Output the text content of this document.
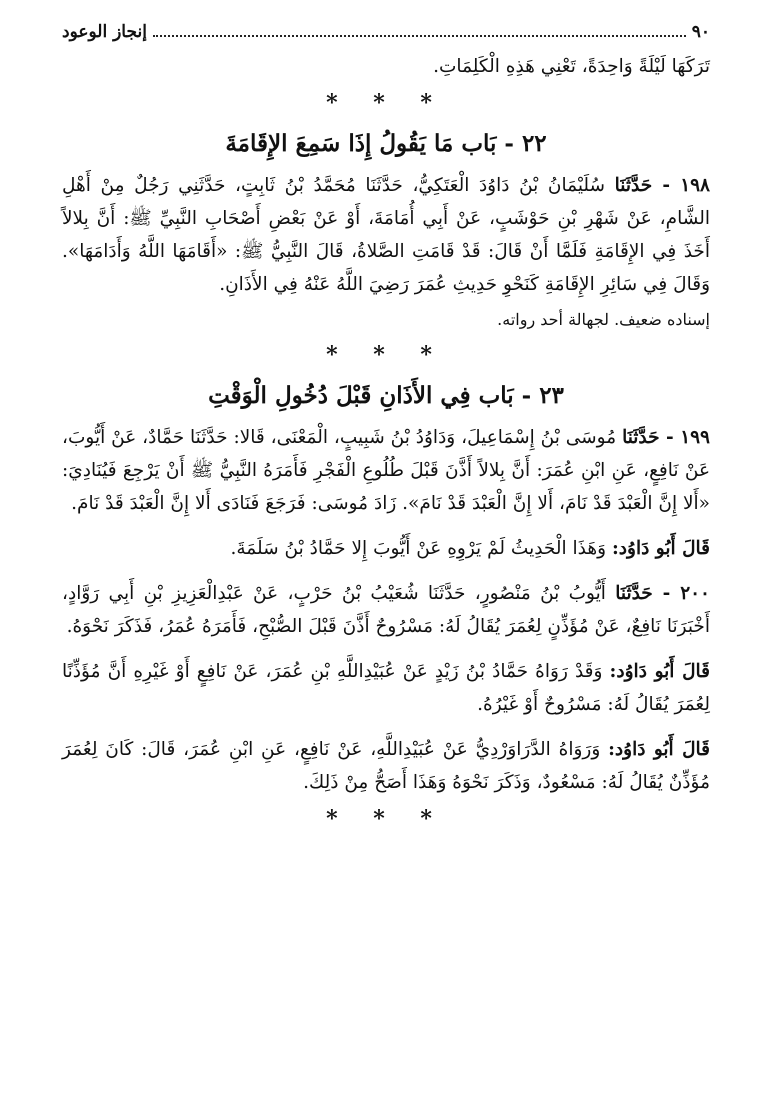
٩٠
إنجاز الوعود

تَرَكَهَا لَيْلَةً وَاحِدَةً، تَعْنِي هَذِهِ الْكَلِمَاتِ.

* * *
٢٢ - بَاب مَا يَقُولُ إِذَا سَمِعَ الإِقَامَةَ

١٩٨ - حَدَّثَنَا سُلَيْمَانُ بْنُ دَاوُدَ الْعَتَكِيُّ، حَدَّثَنَا مُحَمَّدُ بْنُ ثَابِتٍ، حَدَّثَنِي رَجُلٌ مِنْ أَهْلِ الشَّامِ، عَنْ شَهْرِ بْنِ حَوْشَبٍ، عَنْ أَبِي أُمَامَةَ، أَوْ عَنْ بَعْضِ أَصْحَابِ النَّبِيِّ ﷺ: أَنَّ بِلالاً أَخَذَ فِي الإِقَامَةِ فَلَمَّا أَنْ قَالَ: قَدْ قَامَتِ الصَّلاةُ، قَالَ النَّبِيُّ ﷺ: «أَقَامَهَا اللَّهُ وَأَدَامَهَا». وَقَالَ فِي سَائِرِ الإِقَامَةِ كَنَحْوِ حَدِيثِ عُمَرَ رَضِيَ اللَّهُ عَنْهُ فِي الأَذَانِ.

إسناده ضعيف. لجهالة أحد رواته.

* * *
٢٣ - بَاب فِي الأَذَانِ قَبْلَ دُخُولِ الْوَقْتِ

١٩٩ - حَدَّثَنَا مُوسَى بْنُ إِسْمَاعِيلَ، وَدَاوُدُ بْنُ شَبِيبٍ، الْمَعْنَى، قَالا: حَدَّثَنَا حَمَّادٌ، عَنْ أَيُّوبَ، عَنْ نَافِعٍ، عَنِ ابْنِ عُمَرَ: أَنَّ بِلالاً أَذَّنَ قَبْلَ طُلُوعِ الْفَجْرِ فَأَمَرَهُ النَّبِيُّ ﷺ أَنْ يَرْجِعَ فَيُنَادِيَ: «أَلا إِنَّ الْعَبْدَ قَدْ نَامَ، أَلا إِنَّ الْعَبْدَ قَدْ نَامَ». زَادَ مُوسَى: فَرَجَعَ فَنَادَى أَلا إِنَّ الْعَبْدَ قَدْ نَامَ.

قَالَ أَبُو دَاوُد: وَهَذَا الْحَدِيثُ لَمْ يَرْوِهِ عَنْ أَيُّوبَ إِلا حَمَّادُ بْنُ سَلَمَةَ.

٢٠٠ - حَدَّثَنَا أَيُّوبُ بْنُ مَنْصُورٍ، حَدَّثَنَا شُعَيْبُ بْنُ حَرْبٍ، عَنْ عَبْدِالْعَزِيزِ بْنِ أَبِي رَوَّادٍ، أَخْبَرَنَا نَافِعٌ، عَنْ مُؤَذِّنٍ لِعُمَرَ يُقَالُ لَهُ: مَسْرُوحٌ أَذَّنَ قَبْلَ الصُّبْحِ، فَأَمَرَهُ عُمَرُ، فَذَكَرَ نَحْوَهُ.

قَالَ أَبُو دَاوُد: وَقَدْ رَوَاهُ حَمَّادُ بْنُ زَيْدٍ عَنْ عُبَيْدِاللَّهِ بْنِ عُمَرَ، عَنْ نَافِعٍ أَوْ غَيْرِهِ أَنَّ مُؤَذِّنًا لِعُمَرَ يُقَالُ لَهُ: مَسْرُوحٌ أَوْ غَيْرُهُ.

قَالَ أَبُو دَاوُد: وَرَوَاهُ الدَّرَاوَرْدِيُّ عَنْ عُبَيْدِاللَّهِ، عَنْ نَافِعٍ، عَنِ ابْنِ عُمَرَ، قَالَ: كَانَ لِعُمَرَ مُؤَذِّنٌ يُقَالُ لَهُ: مَسْعُودٌ، وَذَكَرَ نَحْوَهُ وَهَذَا أَصَحُّ مِنْ ذَلِكَ.

* * *
